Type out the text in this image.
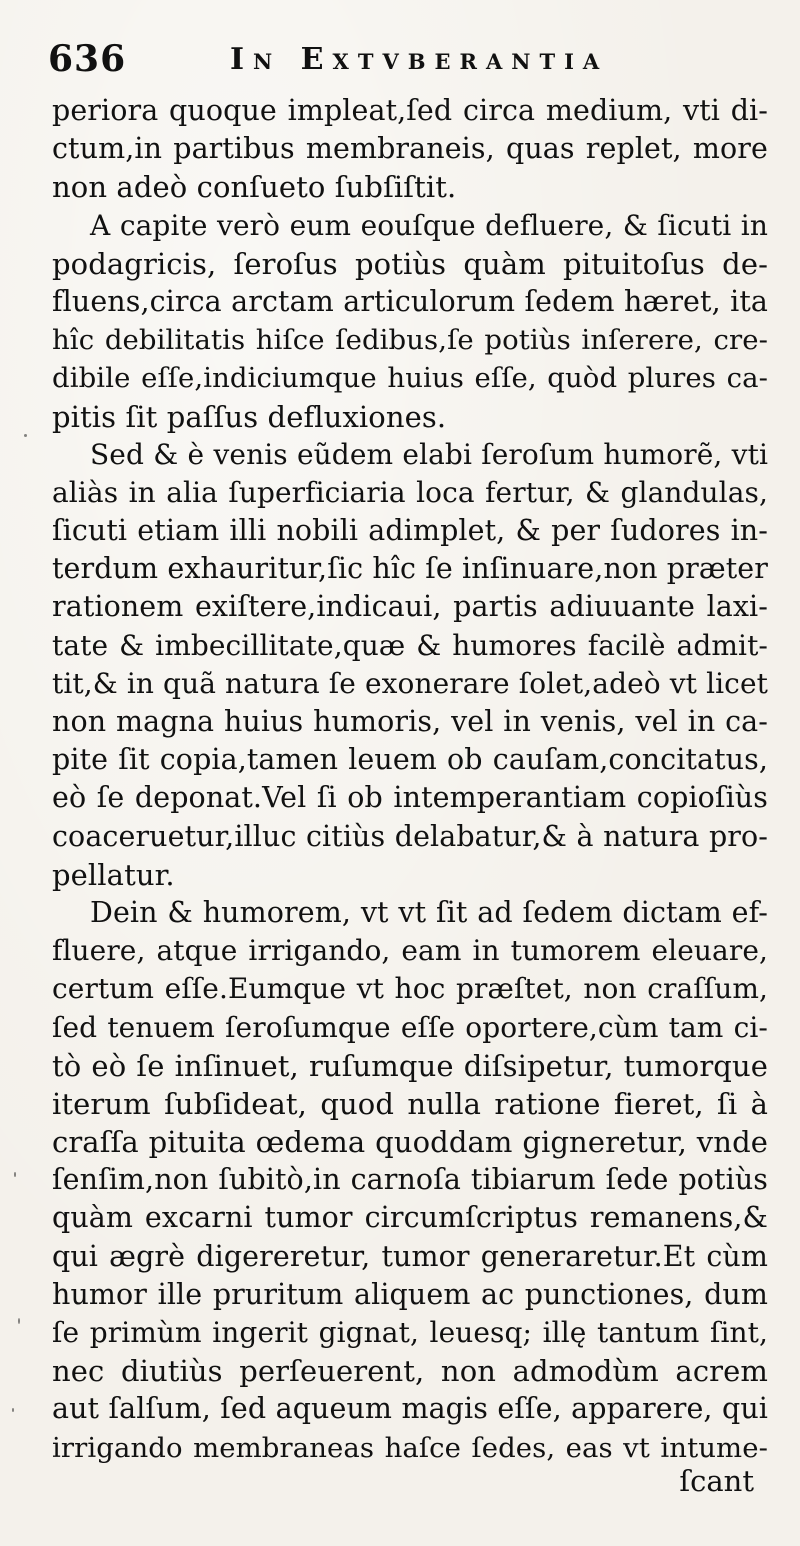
636	In Extvberantia
periora quoque impleat,ſed circa medium, vti di-
ctum,in partibus membraneis, quas replet, more
non adeò conſueto ſubſiſtit.
A capite verò eum eouſque defluere, & ſicuti in
podagricis, ſeroſus potiùs quàm pituitoſus de-
fluens,circa arctam articulorum ſedem hæret, ita
hîc debilitatis hiſce ſedibus,ſe potiùs inſerere, cre-
dibile eſſe,indiciumque huius eſſe, quòd plures ca-
pitis ſit paſſus defluxiones.
Sed & è venis eũdem elabi ſeroſum humorẽ, vti
aliàs in alia ſuperficiaria loca fertur, & glandulas,
ſicuti etiam illi nobili adimplet, & per ſudores in-
terdum exhauritur,ſic hîc ſe inſinuare,non præter
rationem exiſtere,indicaui, partis adiuuante laxi-
tate & imbecillitate,quæ & humores facilè admit-
tit,& in quã natura ſe exonerare ſolet,adeò vt licet
non magna huius humoris, vel in venis, vel in ca-
pite ſit copia,tamen leuem ob cauſam,concitatus,
eò ſe deponat.Vel ſi ob intemperantiam copioſiùs
coaceruetur,illuc citiùs delabatur,& à natura pro-
pellatur.
Dein & humorem, vt vt ſit ad ſedem dictam ef-
fluere, atque irrigando, eam in tumorem eleuare,
certum eſſe.Eumque vt hoc præſtet, non craſſum,
ſed tenuem ſeroſumque eſſe oportere,cùm tam ci-
tò eò ſe inſinuet, ruſumque diſsipetur, tumorque
iterum ſubſideat, quod nulla ratione fieret, ſi à
craſſa pituita œdema quoddam gigneretur, vnde
ſenſim,non ſubitò,in carnoſa tibiarum ſede potiùs
quàm excarni tumor circumſcriptus remanens,&
qui ægrè digereretur, tumor generaretur.Et cùm
humor ille pruritum aliquem ac punctiones, dum
ſe primùm ingerit gignat, leuesq; illę tantum ſint,
nec diutiùs perſeuerent, non admodùm acrem
aut ſalſum, ſed aqueum magis eſſe, apparere, qui
irrigando membraneas haſce ſedes, eas vt intume-
ſcant
